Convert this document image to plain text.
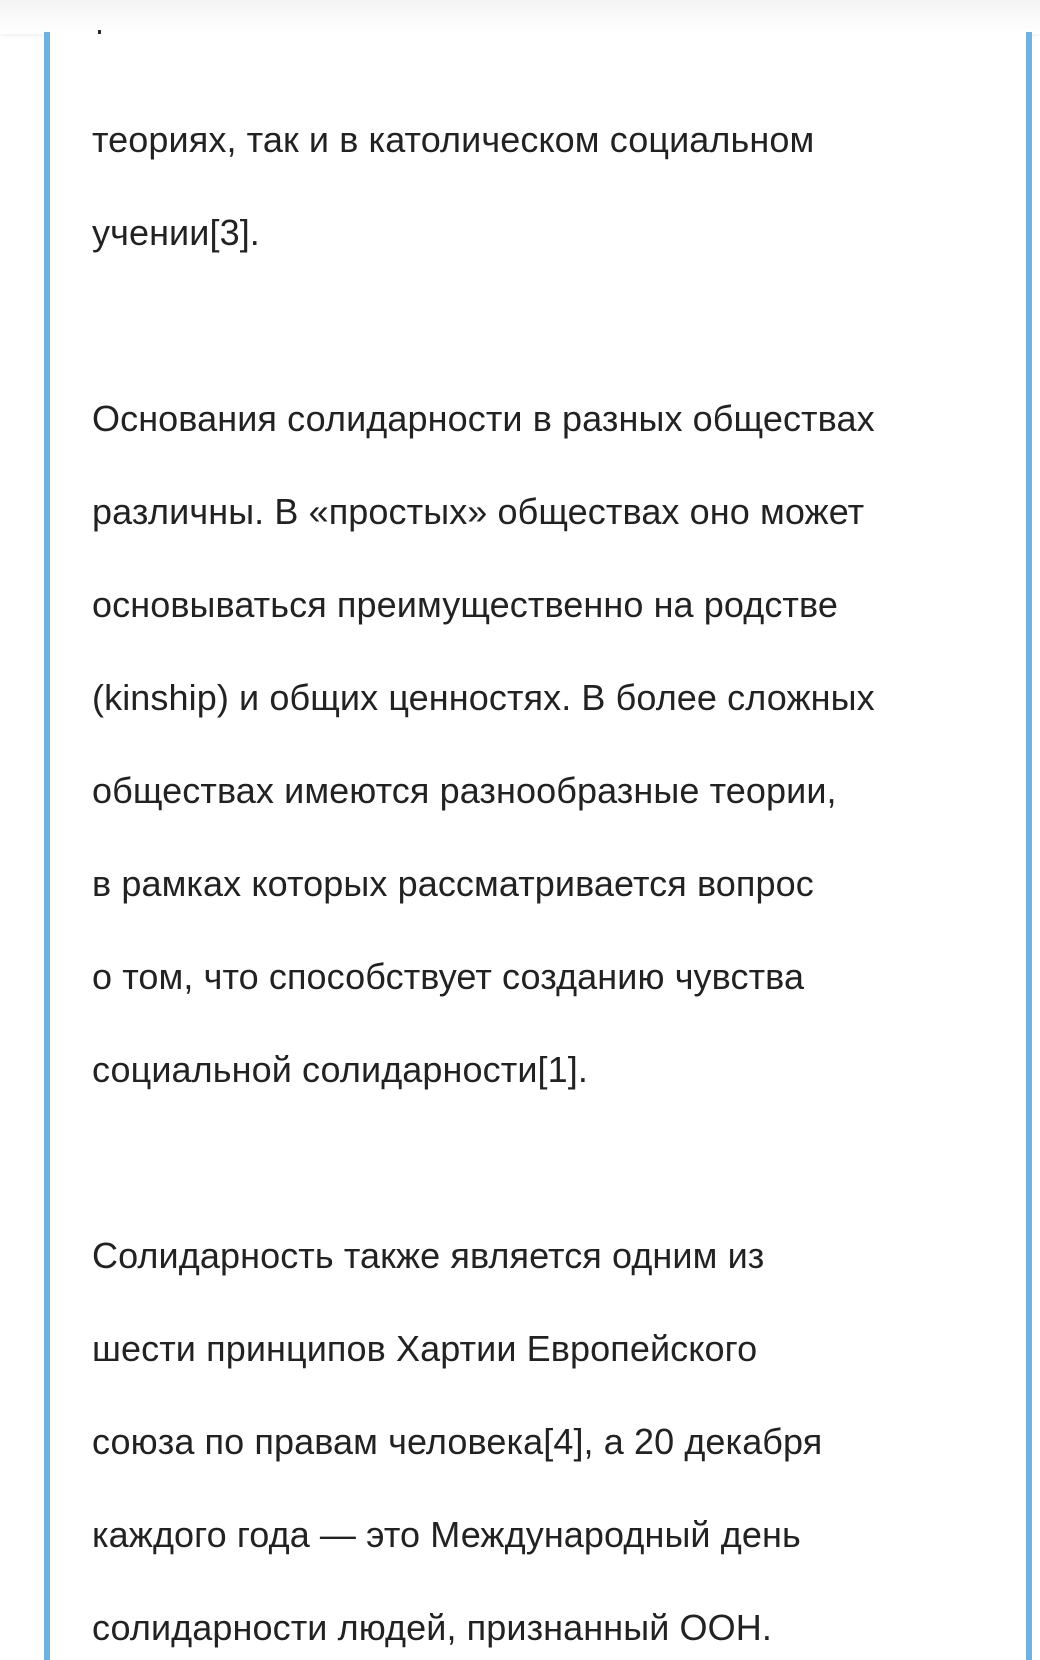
теориях, так и в католическом социальном

учении[3].

Основания солидарности в разных обществах

различны. В «простых» обществах оно может

основываться преимущественно на родстве

(kinship) и общих ценностях. В более сложных

обществах имеются разнообразные теории,

в рамках которых рассматривается вопрос

о том, что способствует созданию чувства

социальной солидарности[1].

Солидарность также является одним из

шести принципов Хартии Европейского

союза по правам человека[4], а 20 декабря

каждого года — это Международный день

солидарности людей, признанный ООН.
